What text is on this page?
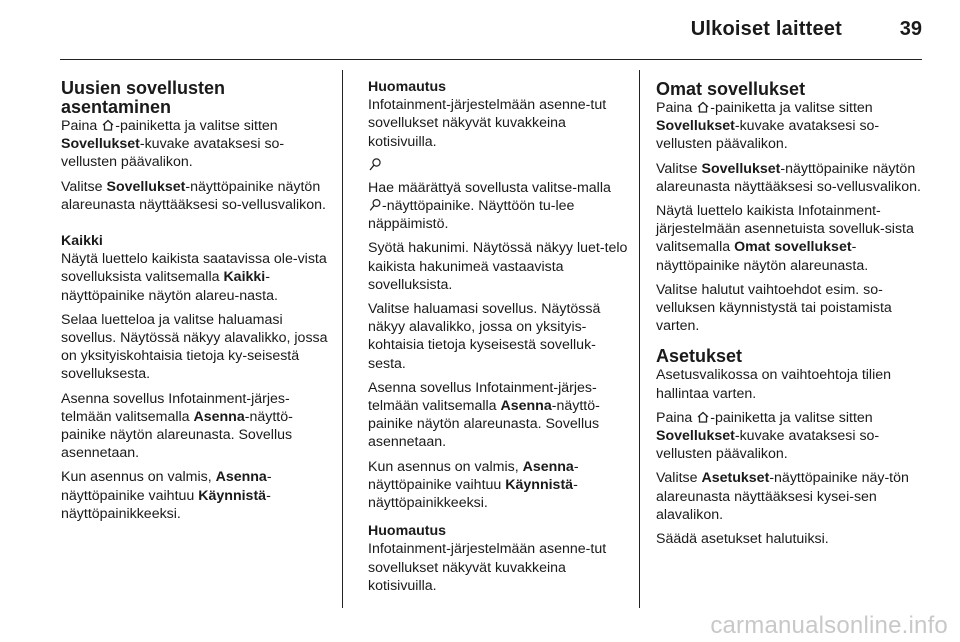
Ulkoiset laitteet	39
Uusien sovellusten asentaminen

Paina -painiketta ja valitse sitten Sovellukset-kuvake avataksesi so-vellusten päävalikon.

Valitse Sovellukset-näyttöpainike näytön alareunasta näyttääksesi so-vellusvalikon.

Kaikki

Näytä luettelo kaikista saatavissa ole-vista sovelluksista valitsemalla Kaikki-näyttöpainike näytön alareu-nasta.

Selaa luetteloa ja valitse haluamasi sovellus. Näytössä näkyy alavalikko, jossa on yksityiskohtaisia tietoja ky-seisestä sovelluksesta.

Asenna sovellus Infotainment-järjes-telmään valitsemalla Asenna-näyttö-painike näytön alareunasta. Sovellus asennetaan.

Kun asennus on valmis, Asenna-näyttöpainike vaihtuu Käynnistä-näyttöpainikkeeksi.

Huomautus
Infotainment-järjestelmään asenne-tut sovellukset näkyvät kuvakkeina kotisivuilla.

Hae määrättyä sovellusta valitse-malla -näyttöpainike. Näyttöön tu-lee näppäimistö.

Syötä hakunimi. Näytössä näkyy luet-telo kaikista hakunimeä vastaavista sovelluksista.

Valitse haluamasi sovellus. Näytössä näkyy alavalikko, jossa on yksityis-kohtaisia tietoja kyseisestä sovelluk-sesta.

Asenna sovellus Infotainment-järjes-telmään valitsemalla Asenna-näyttö-painike näytön alareunasta. Sovellus asennetaan.

Kun asennus on valmis, Asenna-näyttöpainike vaihtuu Käynnistä-näyttöpainikkeeksi.

Huomautus
Infotainment-järjestelmään asenne-tut sovellukset näkyvät kuvakkeina kotisivuilla.
Omat sovellukset

Paina -painiketta ja valitse sitten Sovellukset-kuvake avataksesi so-vellusten päävalikon.

Valitse Sovellukset-näyttöpainike näytön alareunasta näyttääksesi so-vellusvalikon.

Näytä luettelo kaikista Infotainment-järjestelmään asennetuista sovelluk-sista valitsemalla Omat sovellukset-näyttöpainike näytön alareunasta.

Valitse halutut vaihtoehdot esim. so-velluksen käynnistystä tai poistamista varten.

Asetukset

Asetusvalikossa on vaihtoehtoja tilien hallintaa varten.

Paina -painiketta ja valitse sitten Sovellukset-kuvake avataksesi so-vellusten päävalikon.

Valitse Asetukset-näyttöpainike näy-tön alareunasta näyttääksesi kysei-sen alavalikon.

Säädä asetukset halutuiksi.

carmanualsonline.info
